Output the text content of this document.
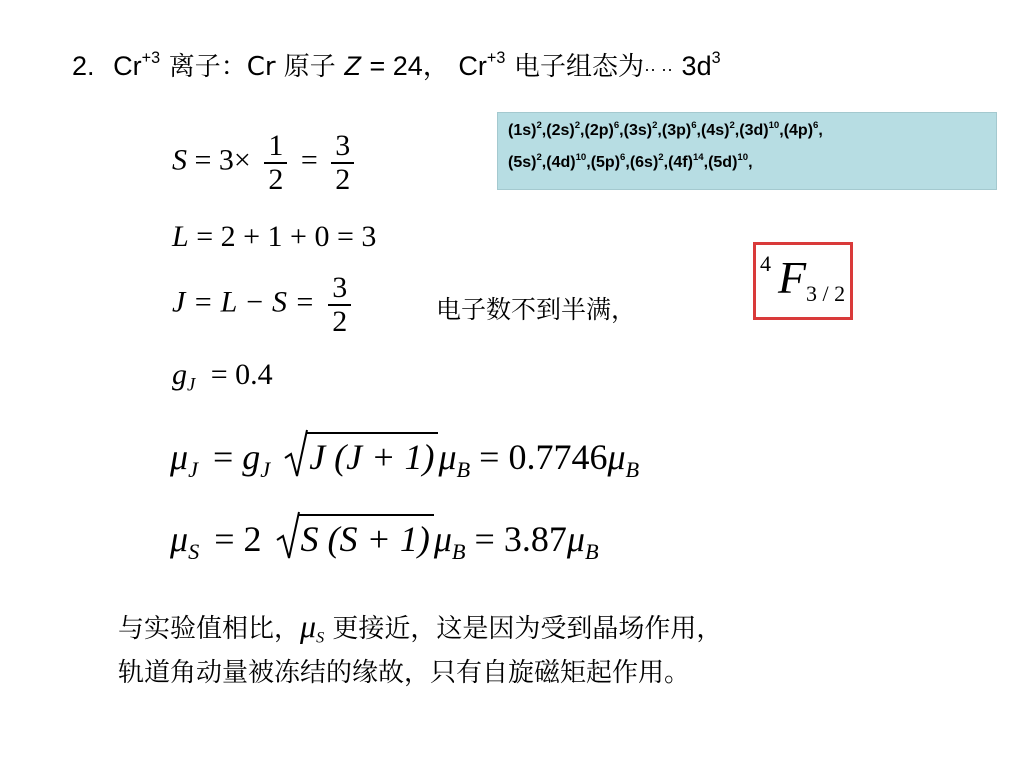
2. $Cr^{+3}$ 离子：Cr 原子 Z = 24， $Cr^{+3}$ 电子组态为·· ·· $3d^3$
$(1s)^2,(2s)^2,(2p)^6,(3s)^2,(3p)^6,(4s)^2,(3d)^{10},(4p)^6$,
$(5s)^2,(4d)^{10},(5p)^6,(6s)^2,(4f)^{14},(5d)^{10}$,
$S = 3\times \frac{1}{2} = \frac{3}{2}$
L = 2 + 1 + 0 = 3
$J = L - S = \frac{3}{2}$	电子数不到半满，
4 F 3 / 2
$g_J = 0.4$
$\mu_J = g_J$ J (J + 1) $\mu_B = 0.7746\mu_B$
$\mu_S = 2$ S (S + 1) $\mu_B = 3.87\mu_B$
与实验值相比，$\mu_S$ 更接近，这是因为受到晶场作用，
轨道角动量被冻结的缘故，只有自旋磁矩起作用。
